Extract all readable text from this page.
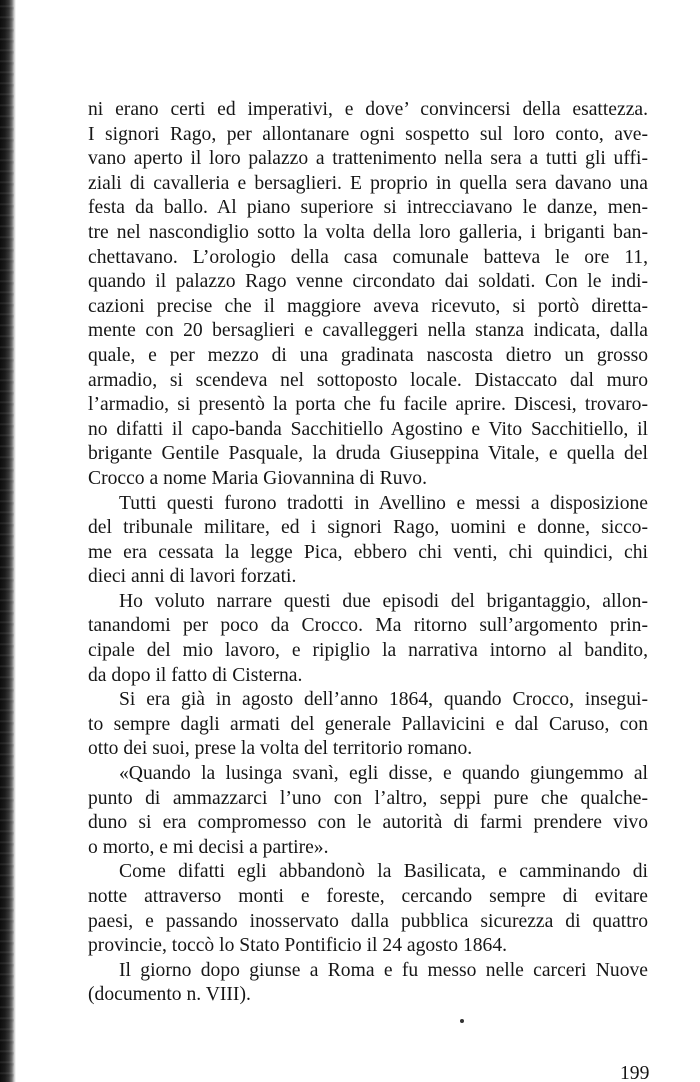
ni erano certi ed imperativi, e dove’ convincersi della esattezza.
I signori Rago, per allontanare ogni sospetto sul loro conto, ave-
vano aperto il loro palazzo a trattenimento nella sera a tutti gli uffi-
ziali di cavalleria e bersaglieri. E proprio in quella sera davano una
festa da ballo. Al piano superiore si intrecciavano le danze, men-
tre nel nascondiglio sotto la volta della loro galleria, i briganti ban-
chettavano. L’orologio della casa comunale batteva le ore 11,
quando il palazzo Rago venne circondato dai soldati. Con le indi-
cazioni precise che il maggiore aveva ricevuto, si portò diretta-
mente con 20 bersaglieri e cavalleggeri nella stanza indicata, dalla
quale, e per mezzo di una gradinata nascosta dietro un grosso
armadio, si scendeva nel sottoposto locale. Distaccato dal muro
l’armadio, si presentò la porta che fu facile aprire. Discesi, trovaro-
no difatti il capo-banda Sacchitiello Agostino e Vito Sacchitiello, il
brigante Gentile Pasquale, la druda Giuseppina Vitale, e quella del
Crocco a nome Maria Giovannina di Ruvo.
Tutti questi furono tradotti in Avellino e messi a disposizione
del tribunale militare, ed i signori Rago, uomini e donne, sicco-
me era cessata la legge Pica, ebbero chi venti, chi quindici, chi
dieci anni di lavori forzati.
Ho voluto narrare questi due episodi del brigantaggio, allon-
tanandomi per poco da Crocco. Ma ritorno sull’argomento prin-
cipale del mio lavoro, e ripiglio la narrativa intorno al bandito,
da dopo il fatto di Cisterna.
Si era già in agosto dell’anno 1864, quando Crocco, insegui-
to sempre dagli armati del generale Pallavicini e dal Caruso, con
otto dei suoi, prese la volta del territorio romano.
«Quando la lusinga svanì, egli disse, e quando giungemmo al
punto di ammazzarci l’uno con l’altro, seppi pure che qualche-
duno si era compromesso con le autorità di farmi prendere vivo
o morto, e mi decisi a partire».
Come difatti egli abbandonò la Basilicata, e camminando di
notte attraverso monti e foreste, cercando sempre di evitare
paesi, e passando inosservato dalla pubblica sicurezza di quattro
provincie, toccò lo Stato Pontificio il 24 agosto 1864.
Il giorno dopo giunse a Roma e fu messo nelle carceri Nuove
(documento n. VIII).
199
